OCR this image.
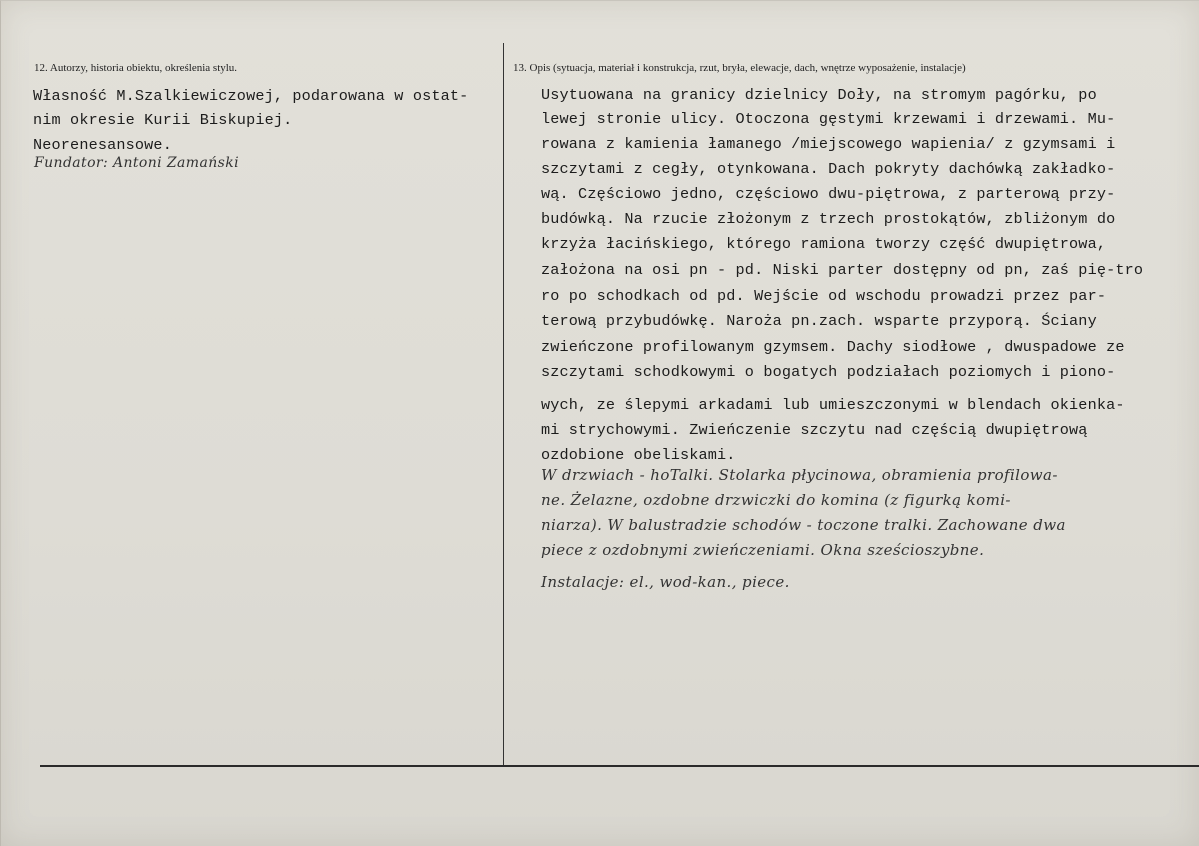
12. Autorzy, historia obiektu, określenia stylu.
Własność M.Szalkiewiczowej, podarowana w ostat-
nim okresie Kurii Biskupiej.
Neorenesansowe.
Fundator: Antoni Zamański
13. Opis (sytuacja, materiał i konstrukcja, rzut, bryła, elewacje, dach, wnętrze wyposażenie, instalacje)
Usytuowana na granicy dzielnicy Doły, na stromym pagórku, po
lewej stronie ulicy. Otoczona gęstymi krzewami i drzewami. Mu-
rowana z kamienia łamanego /miejscowego wapienia/ z gzymsami i
szczytami z cegły, otynkowana. Dach pokryty dachówką zakładko-
wą. Częściowo jedno, częściowo dwu-piętrowa, z parterową przy-
budówką. Na rzucie złożonym z trzech prostokątów, zbliżonym do
krzyża łacińskiego, którego ramiona tworzy część dwupiętrowa,
założona na osi pn - pd. Niski parter dostępny od pn, zaś pię-tro
ro po schodkach od pd. Wejście od wschodu prowadzi przez par-
terową przybudówkę. Naroża pn.zach. wsparte przyporą. Ściany
zwieńczone profilowanym gzymsem. Dachy siodłowe , dwuspadowe ze
szczytami schodkowymi o bogatych podziałach poziomych i piono-
wych, ze ślepymi arkadami lub umieszczonymi w blendach okienka-
mi strychowymi. Zwieńczenie szczytu nad częścią dwupiętrową
ozdobione obeliskami.
W drzwiach - hoTalki. Stolarka płycinowa, obramienia profilowa-
ne. Żelazne, ozdobne drzwiczki do komina (z figurką komi-
niarza). W balustradzie schodów - toczone tralki. Zachowane dwa
piece z ozdobnymi zwieńczeniami. Okna sześcioszybne.
Instalacje: el., wod-kan., piece.
